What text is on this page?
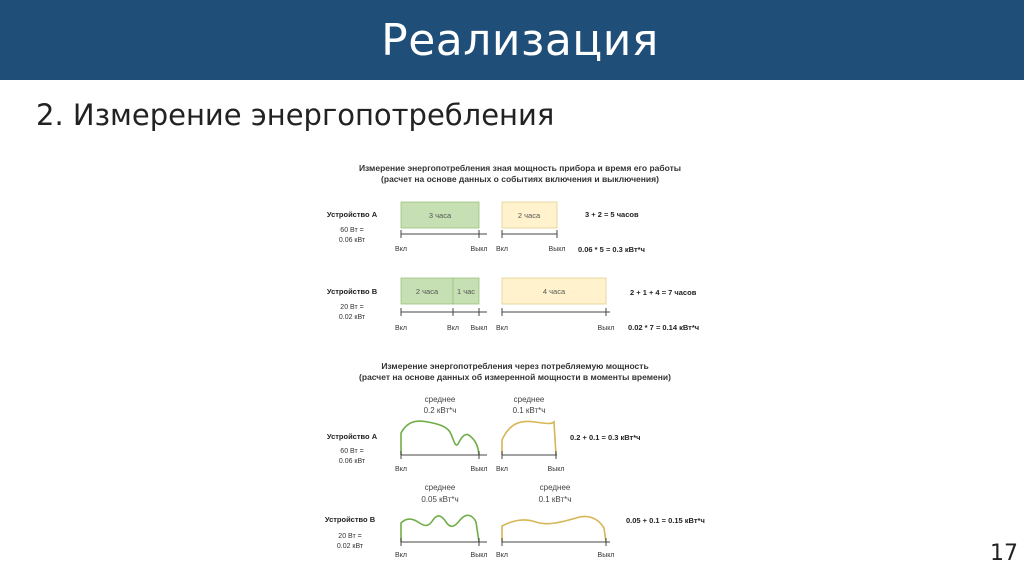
Реализация
2. Измерение энергопотребления
Измерение энергопотребления зная мощность прибора и время его работы
(расчет на основе данных о событиях включения и выключения)
Устройство А
60 Вт =
0.06 кВт
3 часа	2 часа
Вкл	Выкл Вкл	Выкл
3 + 2 = 5 часов
0.06 * 5 = 0.3 кВт*ч
Устройство В
20 Вт =
0.02 кВт
2 часа	1 час	4 часа
Вкл	Вкл Выкл Вкл	Выкл
2 + 1 + 4 = 7 часов
0.02 * 7 = 0.14 кВт*ч
Измерение энергопотребления через потребляемую мощность
(расчет на основе данных об измеренной мощности в моменты времени)
среднее
0.2 кВт*ч
среднее
0.1 кВт*ч
Устройство А
60 Вт =
0.06 кВт
Вкл	Выкл Вкл	Выкл
0.2 + 0.1 = 0.3 кВт*ч
среднее
0.05 кВт*ч
среднее
0.1 кВт*ч
Устройство В
20 Вт =
0.02 кВт
Вкл	Выкл Вкл	Выкл
0.05 + 0.1 = 0.15 кВт*ч
17
